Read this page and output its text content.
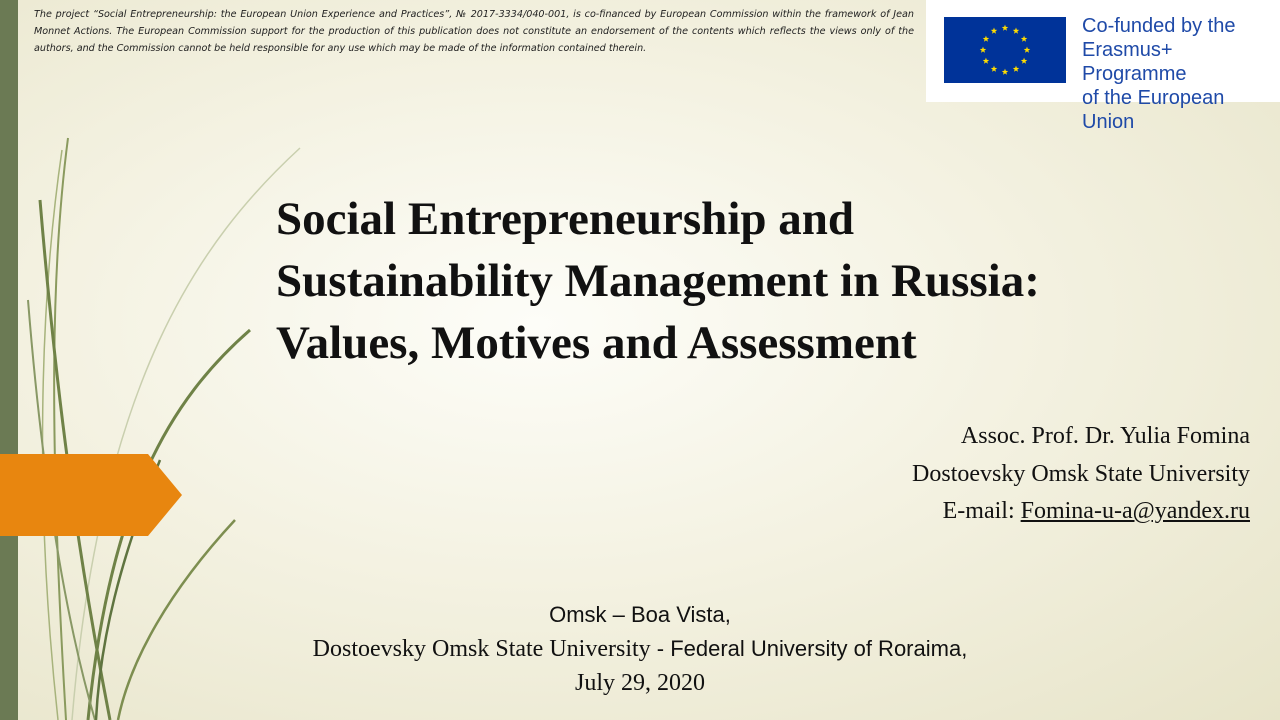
The project “Social Entrepreneurship: the European Union Experience and Practices”, № 2017-3334/040-001, is co-financed by European Commission within the framework of Jean Monnet Actions. The European Commission support for the production of this publication does not constitute an endorsement of the contents which reflects the views only of the authors, and the Commission cannot be held responsible for any use which may be made of the information contained therein.

Co-funded by the
Erasmus+ Programme
of the European Union
Social Entrepreneurship and
Sustainability Management in Russia:
Values, Motives and Assessment
Assoc. Prof. Dr. Yulia Fomina
Dostoevsky Omsk State University
E-mail: Fomina-u-a@yandex.ru
Omsk – Boa Vista,
Dostoevsky Omsk State University - Federal University of Roraima,
July 29, 2020
